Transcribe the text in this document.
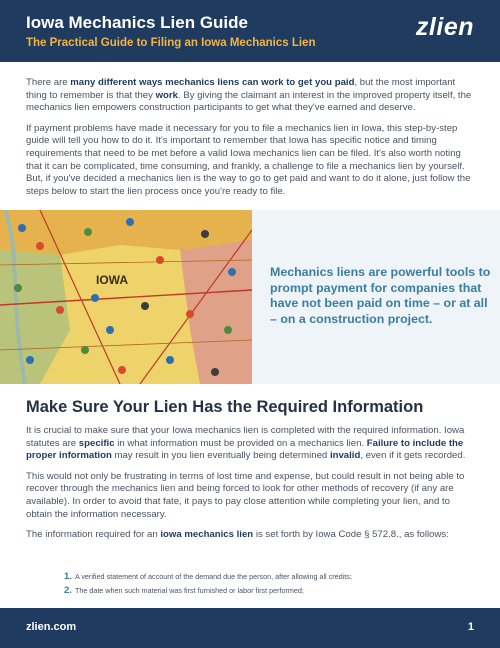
Iowa Mechanics Lien Guide
The Practical Guide to Filing an Iowa Mechanics Lien
zlien

There are many different ways mechanics liens can work to get you paid, but the most important thing to remember is that they work. By giving the claimant an interest in the improved property itself, the mechanics lien empowers construction participants to get what they've earned and deserve.

If payment problems have made it necessary for you to file a mechanics lien in Iowa, this step-by-step guide will tell you how to do it. It's important to remember that Iowa has specific notice and timing requirements that need to be met before a valid Iowa mechanics lien can be filed. It's also worth noting that it can be complicated, time consuming, and frankly, a challenge to file a mechanics lien by yourself. But, if you've decided a mechanics lien is the way to go to get paid and want to do it alone, just follow the steps below to start the lien process once you're ready to file.

IOWA
Mechanics liens are powerful tools to prompt payment for companies that have not been paid on time – or at all – on a construction project.
Make Sure Your Lien Has the Required Information

It is crucial to make sure that your Iowa mechanics lien is completed with the required information. Iowa statutes are specific in what information must be provided on a mechanics lien. Failure to include the proper information may result in you lien eventually being determined invalid, even if it gets recorded.

This would not only be frustrating in terms of lost time and expense, but could result in not being able to recover through the mechanics lien and being forced to look for other methods of recovery (if any are available). In order to avoid that fate, it pays to pay close attention while completing your lien, and to obtain the information necessary.

The information required for an iowa mechanics lien is set forth by Iowa Code § 572.8., as follows:

1. A verified statement of account of the demand due the person, after allowing all credits;
2. The date when such material was first furnished or labor first performed;
zlien.com	1
